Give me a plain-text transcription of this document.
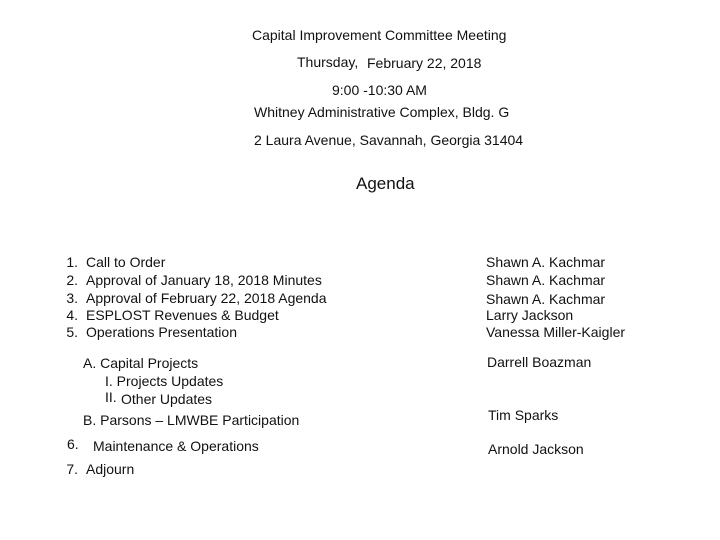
Capital Improvement Committee Meeting
Thursday, February 22, 2018
9:00 -10:30 AM
Whitney Administrative Complex, Bldg. G
2 Laura Avenue, Savannah, Georgia 31404
Agenda
1. Call to Order	Shawn A. Kachmar
2. Approval of January 18, 2018 Minutes	Shawn A. Kachmar
3. Approval of February 22, 2018 Agenda	Shawn A. Kachmar
4. ESPLOST Revenues & Budget	Larry Jackson
5. Operations Presentation	Vanessa Miller-Kaigler
A. Capital Projects	Darrell Boazman
I. Projects Updates
II. Other Updates
B. Parsons – LMWBE Participation	Tim Sparks
6. Maintenance & Operations	Arnold Jackson
7. Adjourn
